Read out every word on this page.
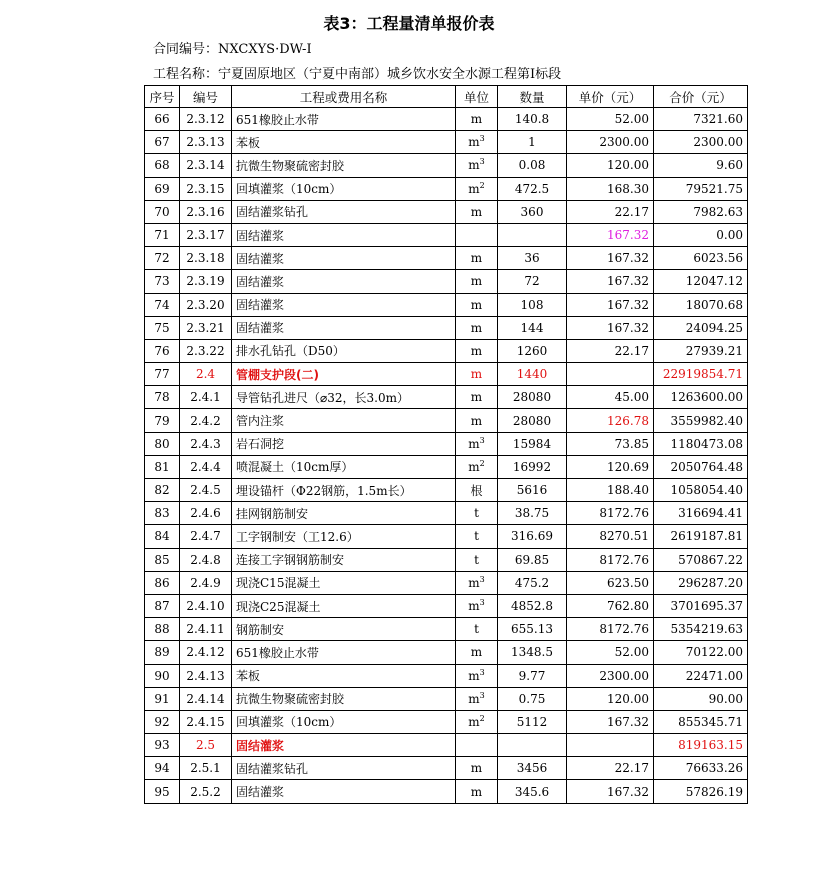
表3：工程量清单报价表
合同编号：NXCXYS·DW-Ⅰ
工程名称：宁夏固原地区（宁夏中南部）城乡饮水安全水源工程第Ⅰ标段
序号	编号	工程或费用名称	单位	数量	单价（元）	合价（元）
66	2.3.12	651橡胶止水带	m	140.8	52.00	7321.60
67	2.3.13	苯板	$m^3$	1	2300.00	2300.00
68	2.3.14	抗微生物聚硫密封胶	$m^3$	0.08	120.00	9.60
69	2.3.15	回填灌浆（10cm）	$m^2$	472.5	168.30	79521.75
70	2.3.16	固结灌浆钻孔	m	360	22.17	7982.63
71	2.3.17	固结灌浆			167.32	0.00
72	2.3.18	固结灌浆	m	36	167.32	6023.56
73	2.3.19	固结灌浆	m	72	167.32	12047.12
74	2.3.20	固结灌浆	m	108	167.32	18070.68
75	2.3.21	固结灌浆	m	144	167.32	24094.25
76	2.3.22	排水孔钻孔（D50）	m	1260	22.17	27939.21
77	2.4	管棚支护段(二)	m	1440		22919854.71
78	2.4.1	导管钻孔进尺（⌀32，长3.0m）	m	28080	45.00	1263600.00
79	2.4.2	管内注浆	m	28080	126.78	3559982.40
80	2.4.3	岩石洞挖	$m^3$	15984	73.85	1180473.08
81	2.4.4	喷混凝土（10cm厚）	$m^2$	16992	120.69	2050764.48
82	2.4.5	埋设锚杆（Φ22钢筋，1.5m长）	根	5616	188.40	1058054.40
83	2.4.6	挂网钢筋制安	t	38.75	8172.76	316694.41
84	2.4.7	工字钢制安（工12.6）	t	316.69	8270.51	2619187.81
85	2.4.8	连接工字钢钢筋制安	t	69.85	8172.76	570867.22
86	2.4.9	现浇C15混凝土	$m^3$	475.2	623.50	296287.20
87	2.4.10	现浇C25混凝土	$m^3$	4852.8	762.80	3701695.37
88	2.4.11	钢筋制安	t	655.13	8172.76	5354219.63
89	2.4.12	651橡胶止水带	m	1348.5	52.00	70122.00
90	2.4.13	苯板	$m^3$	9.77	2300.00	22471.00
91	2.4.14	抗微生物聚硫密封胶	$m^3$	0.75	120.00	90.00
92	2.4.15	回填灌浆（10cm）	$m^2$	5112	167.32	855345.71
93	2.5	固结灌浆				819163.15
94	2.5.1	固结灌浆钻孔	m	3456	22.17	76633.26
95	2.5.2	固结灌浆	m	345.6	167.32	57826.19
